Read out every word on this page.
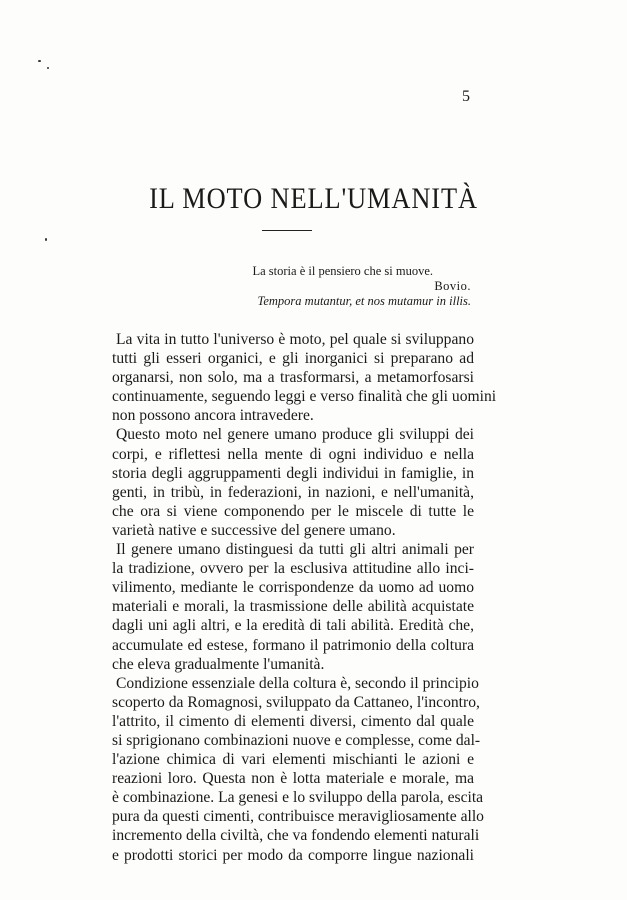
5
IL MOTO NELL'UMANITÀ
La storia è il pensiero che si muove.
Bovio.
Tempora mutantur, et nos mutamur in illis.

La vita in tutto l'universo è moto, pel quale si sviluppano
tutti gli esseri organici, e gli inorganici si preparano ad
organarsi, non solo, ma a trasformarsi, a metamorfosarsi
continuamente, seguendo leggi e verso finalità che gli uomini
non possono ancora intravedere.

Questo moto nel genere umano produce gli sviluppi dei
corpi, e riflettesi nella mente di ogni individuo e nella
storia degli aggruppamenti degli individui in famiglie, in
genti, in tribù, in federazioni, in nazioni, e nell'umanità,
che ora si viene componendo per le miscele di tutte le
varietà native e successive del genere umano.

Il genere umano distinguesi da tutti gli altri animali per
la tradizione, ovvero per la esclusiva attitudine allo inci-
vilimento, mediante le corrispondenze da uomo ad uomo
materiali e morali, la trasmissione delle abilità acquistate
dagli uni agli altri, e la eredità di tali abilità. Eredità che,
accumulate ed estese, formano il patrimonio della coltura
che eleva gradualmente l'umanità.

Condizione essenziale della coltura è, secondo il principio
scoperto da Romagnosi, sviluppato da Cattaneo, l'incontro,
l'attrito, il cimento di elementi diversi, cimento dal quale
si sprigionano combinazioni nuove e complesse, come dal-
l'azione chimica di vari elementi mischianti le azioni e
reazioni loro. Questa non è lotta materiale e morale, ma
è combinazione. La genesi e lo sviluppo della parola, escita
pura da questi cimenti, contribuisce meravigliosamente allo
incremento della civiltà, che va fondendo elementi naturali
e prodotti storici per modo da comporre lingue nazionali
